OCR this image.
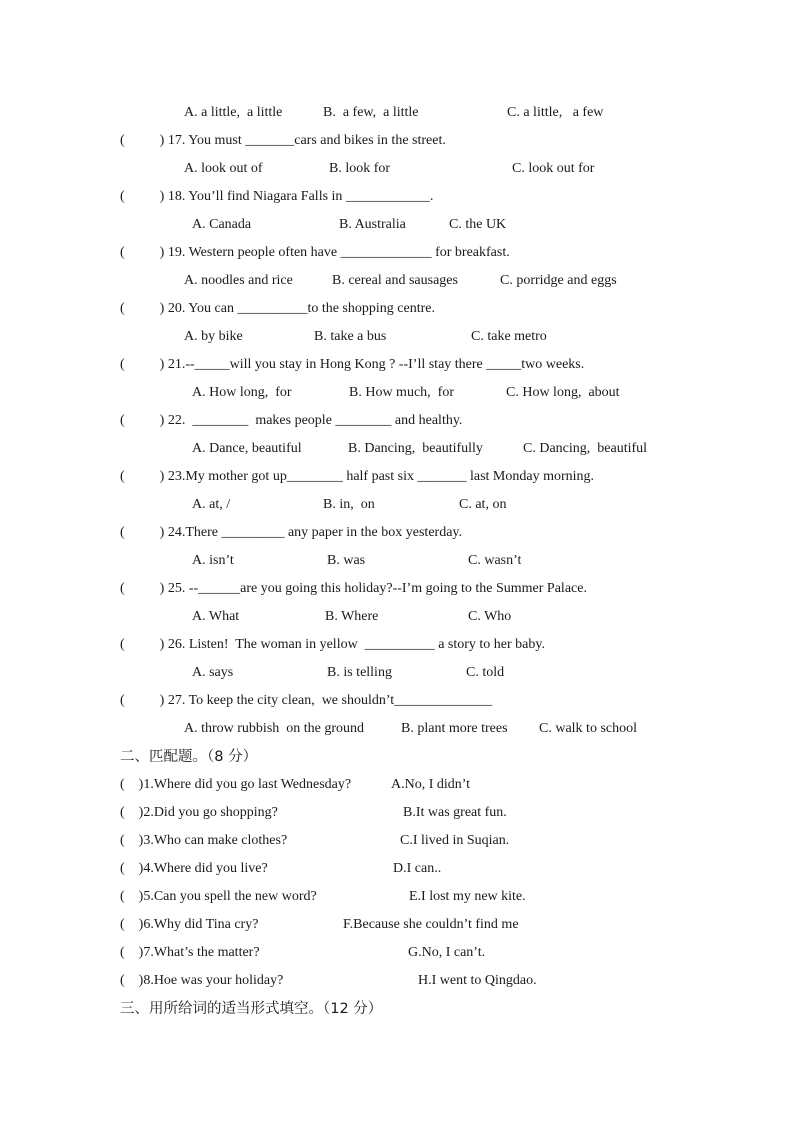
A. a little,  a little	B.  a few,  a little	C. a little,   a few
(          ) 17. You must _______cars and bikes in the street.
A. look out of	B. look for	C. look out for
(          ) 18. You’ll find Niagara Falls in ____________.
A. Canada	B. Australia	C. the UK
(          ) 19. Western people often have _____________ for breakfast.
A. noodles and rice	B. cereal and sausages	C. porridge and eggs
(          ) 20. You can __________to the shopping centre.
A. by bike	B. take a bus	C. take metro
(          ) 21.--_____will you stay in Hong Kong ? --I’ll stay there _____two weeks.
A. How long,  for	B. How much,  for	C. How long,  about
(          ) 22.  ________  makes people ________ and healthy.
A. Dance, beautiful	B. Dancing,  beautifully	C. Dancing,  beautiful
(          ) 23.My mother got up________ half past six _______ last Monday morning.
A. at, /	B. in,  on	C. at, on
(          ) 24.There _________ any paper in the box yesterday.
A. isn’t	B. was	C. wasn’t
(          ) 25. --______are you going this holiday?--I’m going to the Summer Palace.
A. What	B. Where	C. Who
(          ) 26. Listen!  The woman in yellow  __________ a story to her baby.
A. says	B. is telling	C. told
(          ) 27. To keep the city clean,  we shouldn’t______________
A. throw rubbish  on the ground	B. plant more trees C. walk to school
二、匹配题。（8 分）
(    )1.Where did you go last Wednesday?	A.No, I didn’t
(    )2.Did you go shopping?	B.It was great fun.
(    )3.Who can make clothes?	C.I lived in Suqian.
(    )4.Where did you live?	D.I can..
(    )5.Can you spell the new word?	E.I lost my new kite.
(    )6.Why did Tina cry?	F.Because she couldn’t find me
(    )7.What’s the matter?	G.No, I can’t.
(    )8.Hoe was your holiday?	H.I went to Qingdao.
三、用所给词的适当形式填空。（12 分）
